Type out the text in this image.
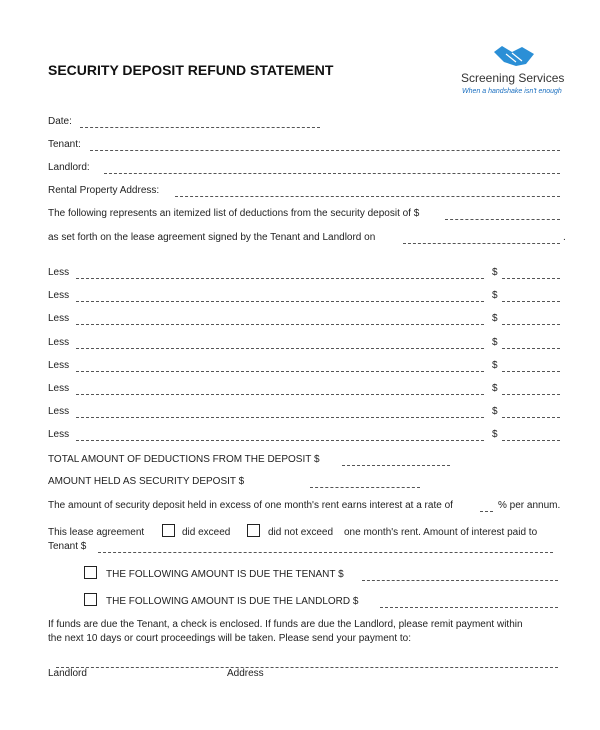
SECURITY DEPOSIT REFUND STATEMENT	Screening Services
When a handshake isn't enough
Date:
Tenant:
Landlord:
Rental Property Address:
The following represents an itemized list of deductions from the security deposit of $
as set forth on the lease agreement signed by the Tenant and Landlord on	.
Less	$
Less	$
Less	$
Less	$
Less	$
Less	$
Less	$
Less	$
TOTAL AMOUNT OF DEDUCTIONS FROM THE DEPOSIT $
AMOUNT HELD AS SECURITY DEPOSIT $
The amount of security deposit held in excess of one month's rent earns interest at a rate of	% per annum.
This lease agreement	did exceed	did not exceed one month's rent. Amount of interest paid to
Tenant $
THE FOLLOWING AMOUNT IS DUE THE TENANT $
THE FOLLOWING AMOUNT IS DUE THE LANDLORD $
If funds are due the Tenant, a check is enclosed. If funds are due the Landlord, please remit payment within
the next 10 days or court proceedings will be taken. Please send your payment to:
Landlord	Address
